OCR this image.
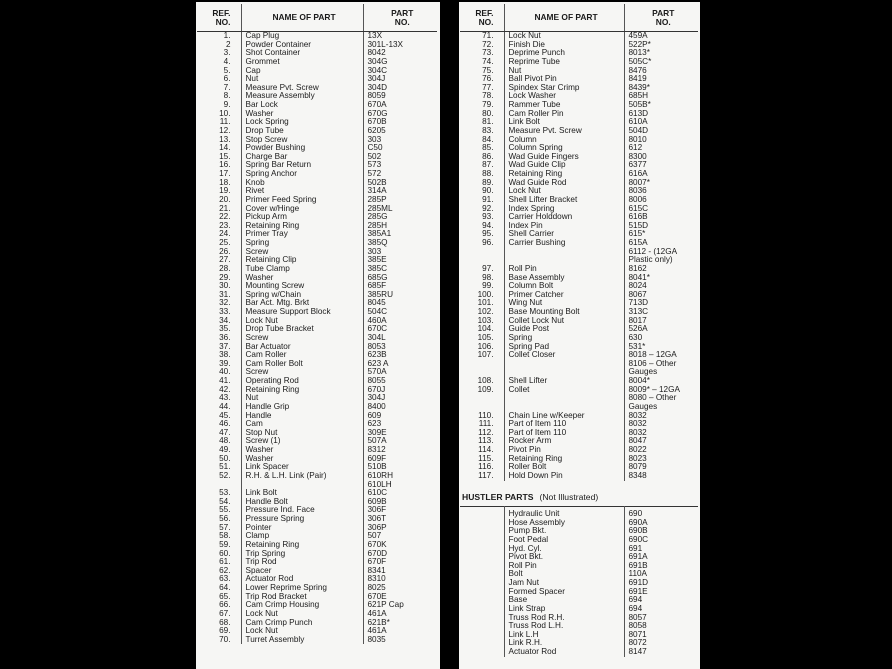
REF.
NO.	NAME OF PART	PART
NO.
1.	Cap Plug	13X
2	Powder Container	301L-13X
3.	Shot Container	8042
4.	Grommet	304G
5.	Cap	304C
6.	Nut	304J
7.	Measure Pvt. Screw	304D
8.	Measure Assembly	8059
9.	Bar Lock	670A
10.	Washer	670G
11.	Lock Spring	670B
12.	Drop Tube	6205
13.	Stop Screw	303
14.	Powder Bushing	C50
15.	Charge Bar	502
16.	Spring Bar Return	573
17.	Spring Anchor	572
18.	Knob	502B
19.	Rivet	314A
20.	Primer Feed Spring	285P
21.	Cover w/Hinge	285ML
22.	Pickup Arm	285G
23.	Retaining Ring	285H
24.	Primer Tray	385A1
25.	Spring	385Q
26.	Screw	303
27.	Retaining Clip	385E
28.	Tube Clamp	385C
29.	Washer	685G
30.	Mounting Screw	685F
31.	Spring w/Chain	385RU
32.	Bar Act. Mtg. Brkt	8045
33.	Measure Support Block	504C
34.	Lock Nut	460A
35.	Drop Tube Bracket	670C
36.	Screw	304L
37.	Bar Actuator	8053
38.	Cam Roller	623B
39.	Cam Roller Bolt	623 A
40.	Screw	570A
41.	Operating Rod	8055
42.	Retaining Ring	670J
43.	Nut	304J
44.	Handle Grip	8400
45.	Handle	609
46.	Cam	623
47.	Stop Nut	309E
48.	Screw (1)	507A
49.	Washer	8312
50.	Washer	609F
51.	Link Spacer	510B
52.	R.H. & L.H. Link (Pair)	610RH
610LH
53.	Link Bolt	610C
54.	Handle Bolt	609B
55.	Pressure Ind. Face	306F
56.	Pressure Spring	306T
57.	Pointer	306P
58.	Clamp	507
59.	Retaining Ring	670K
60.	Trip Spring	670D
61.	Trip Rod	670F
62.	Spacer	8341
63.	Actuator Rod	8310
64.	Lower Reprime Spring	8025
65.	Trip Rod Bracket	670E
66.	Cam Crimp Housing	621P Cap
67.	Lock Nut	461A
68.	Cam Crimp Punch	621B*
69.	Lock Nut	461A
70.	Turret Assembly	8035
REF.
NO.	NAME OF PART	PART
NO.
71.	Lock Nut	459A
72.	Finish Die	522P*
73.	Deprime Punch	8013*
74.	Reprime Tube	505C*
75.	Nut	8476
76.	Ball Pivot Pin	8419
77.	Spindex Star Crimp	8439*
78.	Lock Washer	685H
79.	Rammer Tube	505B*
80.	Cam Roller Pin	613D
81.	Link Bolt	610A
83.	Measure Pvt. Screw	504D
84.	Column	8010
85.	Column Spring	612
86.	Wad Guide Fingers	8300
87.	Wad Guide Clip	6377
88.	Retaining Ring	616A
89.	Wad Guide Rod	8007*
90.	Lock Nut	8036
91.	Shell Lifter Bracket	8006
92.	Index Spring	615C
93.	Carrier Holddown	616B
94.	Index Pin	515D
95.	Shell Carrier	615*
96.	Carrier Bushing	615A
6112 - (12GA
Plastic only)
97.	Roll Pin	8162
98.	Base Assembly	8041*
99.	Column Bolt	8024
100.	Primer Catcher	8067
101.	Wing Nut	713D
102.	Base Mounting Bolt	313C
103.	Collet Lock Nut	8017
104.	Guide Post	526A
105.	Spring	630
106.	Spring Pad	531*
107.	Collet Closer	8018 – 12GA
8106 – Other
Gauges
108.	Shell Lifter	8004*
109.	Collet	8009* – 12GA
8080 – Other
Gauges
110.	Chain Line w/Keeper	8032
111.	Part of Item 110	8032
112.	Part of Item 110	8032
113.	Rocker Arm	8047
114.	Pivot Pin	8022
115.	Retaining Ring	8023
116.	Roller Bolt	8079
117.	Hold Down Pin	8348
HUSTLER PARTS (Not Illustrated)
	Hydraulic Unit	690
	Hose Assembly	690A
	Pump Bkt.	690B
	Foot Pedal	690C
	Hyd. Cyl.	691
	Pivot Bkt.	691A
	Roll Pin	691B
	Bolt	110A
	Jam Nut	691D
	Formed Spacer	691E
	Base	694
	Link Strap	694
	Truss Rod R.H.	8057
	Truss Rod L.H.	8058
	Link L.H	8071
	Link R.H.	8072
	Actuator Rod	8147
